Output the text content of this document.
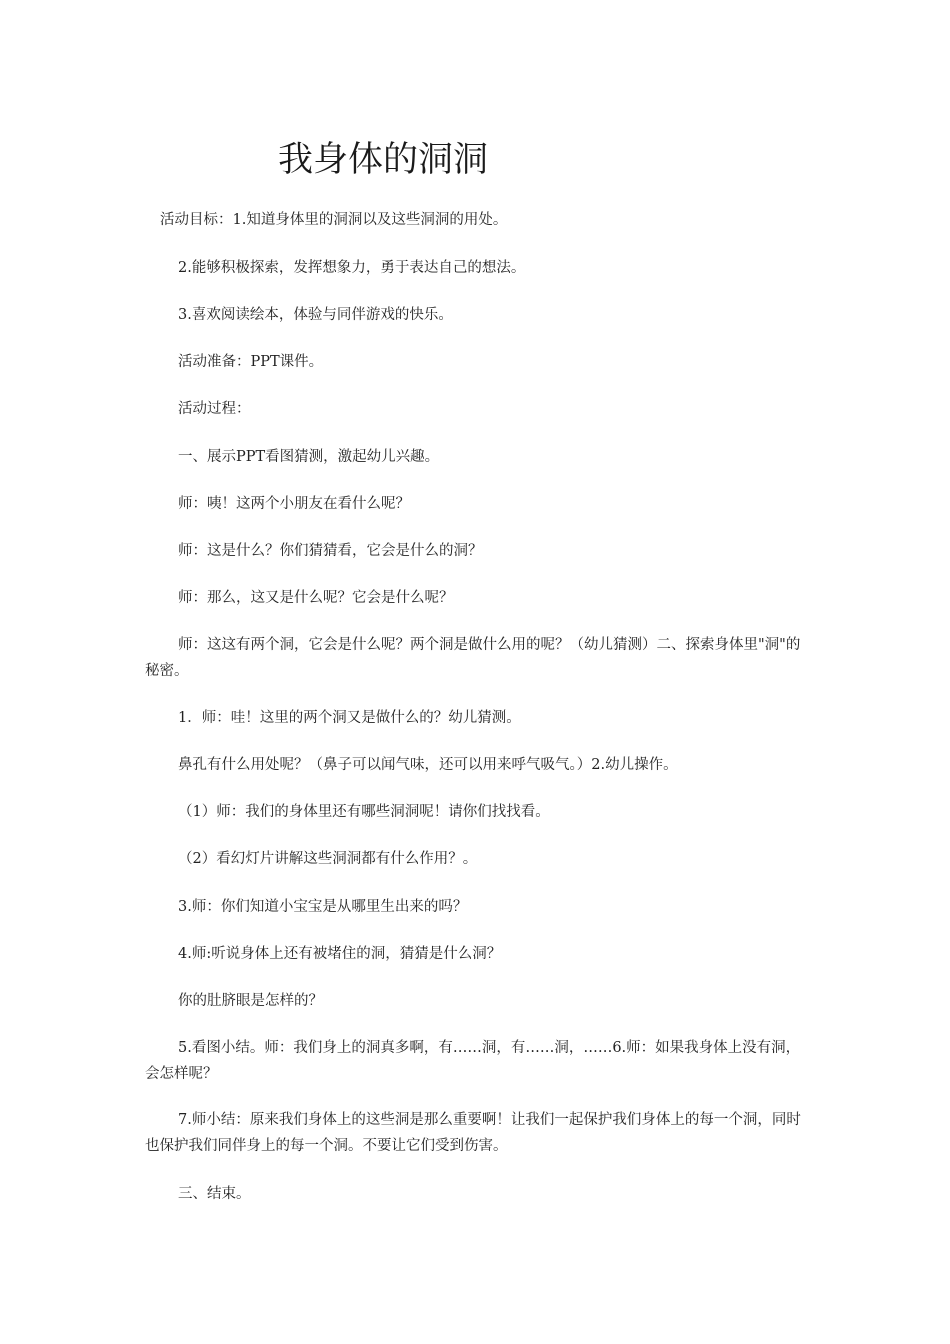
我身体的洞洞
活动目标：1.知道身体里的洞洞以及这些洞洞的用处。
2.能够积极探索，发挥想象力，勇于表达自己的想法。
3.喜欢阅读绘本，体验与同伴游戏的快乐。
活动准备：PPT课件。
活动过程：
一、展示PPT看图猜测，激起幼儿兴趣。
师：咦！这两个小朋友在看什么呢？
师：这是什么？你们猜猜看，它会是什么的洞？
师：那么，这又是什么呢？它会是什么呢？
师：这这有两个洞，它会是什么呢？两个洞是做什么用的呢？（幼儿猜测）二、探索身体里"洞"的秘密。
1．师：哇！这里的两个洞又是做什么的？幼儿猜测。
鼻孔有什么用处呢？（鼻子可以闻气味，还可以用来呼气吸气。）2.幼儿操作。
（1）师：我们的身体里还有哪些洞洞呢！请你们找找看。
（2）看幻灯片讲解这些洞洞都有什么作用？。
3.师：你们知道小宝宝是从哪里生出来的吗？
4.师:听说身体上还有被堵住的洞，猜猜是什么洞？
你的肚脐眼是怎样的？
5.看图小结。师：我们身上的洞真多啊，有……洞，有……洞，……6.师：如果我身体上没有洞，会怎样呢？
7.师小结：原来我们身体上的这些洞是那么重要啊！让我们一起保护我们身体上的每一个洞，同时也保护我们同伴身上的每一个洞。不要让它们受到伤害。
三、结束。
